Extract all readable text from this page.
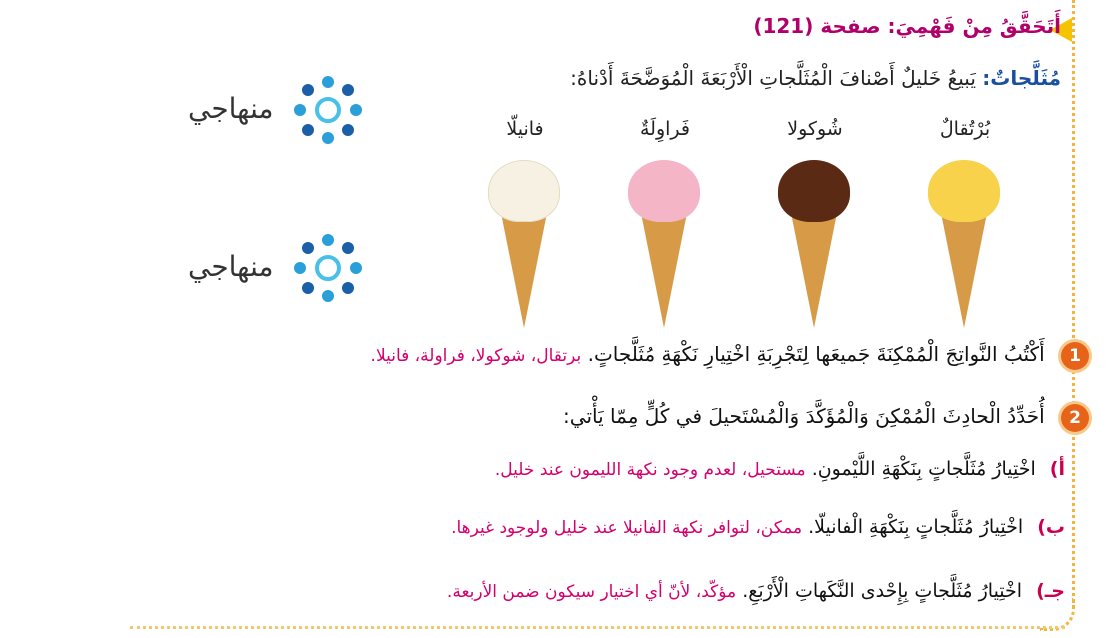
أَتَحَقَّقُ مِنْ فَهْمِيَ: صفحة (121)
مُثَلَّجاتٌ: يَبيعُ خَليلٌ أَصْنافَ الْمُثَلَّجاتِ الْأَرْبَعَةَ الْمُوَضَّحَةَ أَدْناهُ:
بُرْتُقالٌ
شُوكولا
فَراوِلَةٌ
فانيلّا
منهاجي
منهاجي
1 أَكْتُبُ النَّواتِجَ الْمُمْكِنَةَ جَميعَها لِتَجْرِبَةِ اخْتِيارِ نَكْهَةِ مُثَلَّجاتٍ. برتقال، شوكولا، فراولة، فانيلا.
2 أُحَدِّدُ الْحادِثَ الْمُمْكِنَ وَالْمُؤَكَّدَ وَالْمُسْتَحيلَ في كُلٍّ مِمّا يَأْتي:
أ) اخْتِيارُ مُثَلَّجاتٍ بِنَكْهَةِ اللَّيْمونِ. مستحيل، لعدم وجود نكهة الليمون عند خليل.
ب) اخْتِيارُ مُثَلَّجاتٍ بِنَكْهَةِ الْفانيلّا. ممكن، لتوافر نكهة الفانيلا عند خليل ولوجود غيرها.
جـ) اخْتِيارُ مُثَلَّجاتٍ بِإِحْدى النَّكَهاتِ الْأَرْبَعِ. مؤكّد، لأنّ أي اختيار سيكون ضمن الأربعة.
